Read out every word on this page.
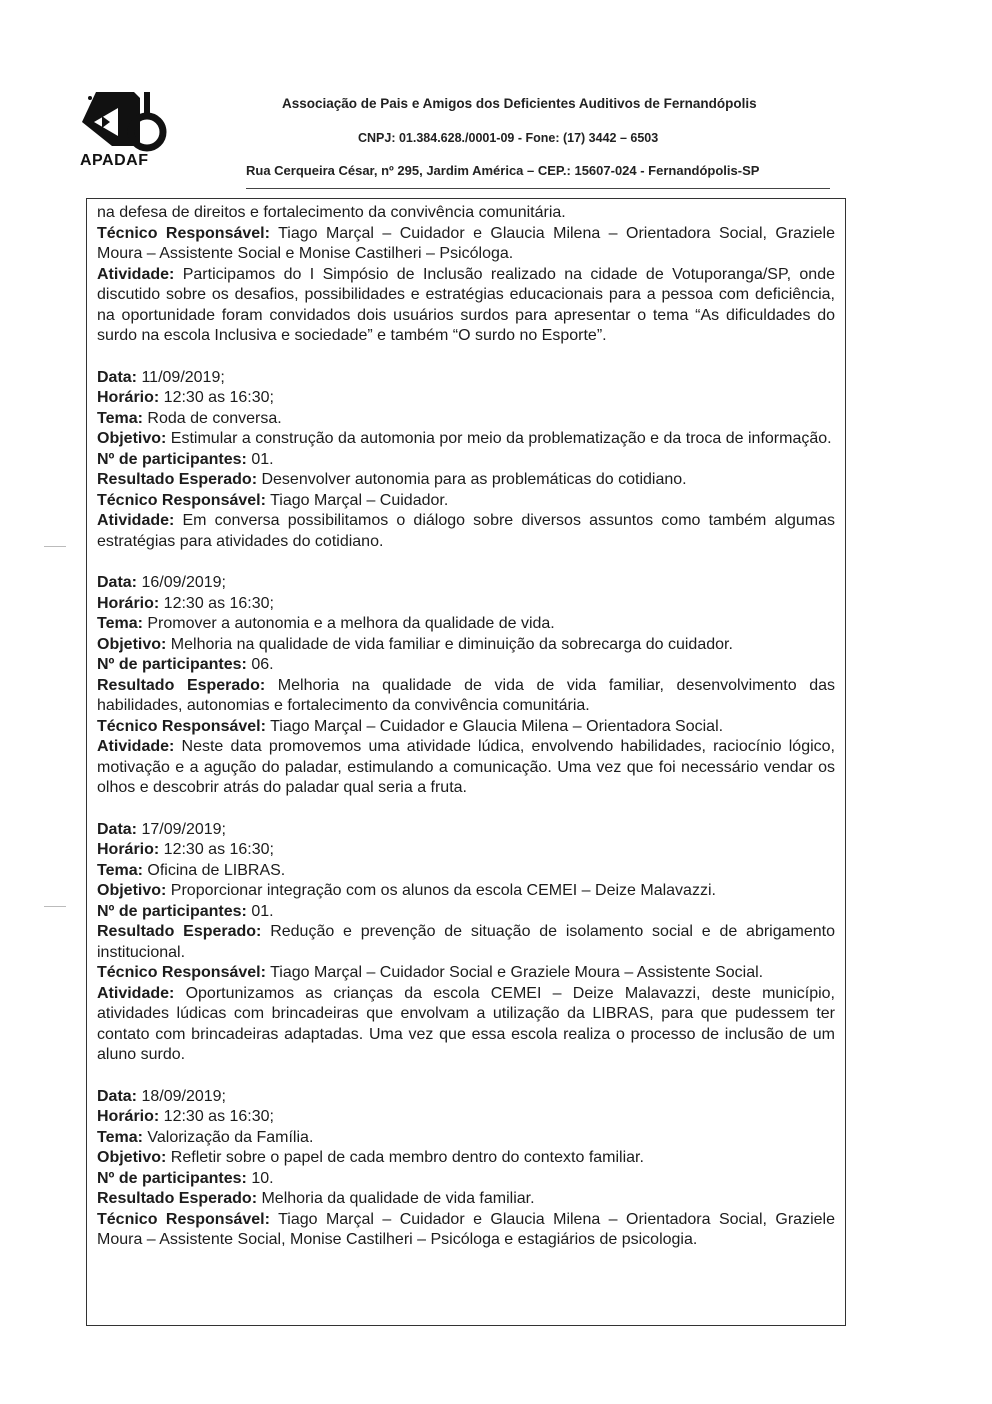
APADAF
Associação de Pais e Amigos dos Deficientes Auditivos de Fernandópolis
CNPJ: 01.384.628./0001-09 - Fone: (17) 3442 – 6503
Rua Cerqueira César, nº 295, Jardim América – CEP.: 15607-024 - Fernandópolis-SP

na defesa de direitos e fortalecimento da convivência comunitária.

Técnico Responsável: Tiago Marçal – Cuidador e Glaucia Milena – Orientadora Social, Graziele Moura – Assistente Social e Monise Castilheri – Psicóloga.

Atividade: Participamos do I Simpósio de Inclusão realizado na cidade de Votuporanga/SP, onde discutido sobre os desafios, possibilidades e estratégias educacionais para a pessoa com deficiência, na oportunidade foram convidados dois usuários surdos para apresentar o tema “As dificuldades do surdo na escola Inclusiva e sociedade” e também “O surdo no Esporte”.

Data: 11/09/2019;

Horário: 12:30 as 16:30;

Tema: Roda de conversa.

Objetivo: Estimular a construção da automonia por meio da problematização e da troca de informação.

Nº de participantes: 01.

Resultado Esperado: Desenvolver autonomia para as problemáticas do cotidiano.

Técnico Responsável: Tiago Marçal – Cuidador.

Atividade: Em conversa possibilitamos o diálogo sobre diversos assuntos como também algumas estratégias para atividades do cotidiano.

Data: 16/09/2019;

Horário: 12:30 as 16:30;

Tema: Promover a autonomia e a melhora da qualidade de vida.

Objetivo: Melhoria na qualidade de vida familiar e diminuição da sobrecarga do cuidador.

Nº de participantes: 06.

Resultado Esperado: Melhoria na qualidade de vida de vida familiar, desenvolvimento das habilidades, autonomias e fortalecimento da convivência comunitária.

Técnico Responsável: Tiago Marçal – Cuidador e Glaucia Milena – Orientadora Social.

Atividade: Neste data promovemos uma atividade lúdica, envolvendo habilidades, raciocínio lógico, motivação e a agução do paladar, estimulando a comunicação. Uma vez que foi necessário vendar os olhos e descobrir atrás do paladar qual seria a fruta.

Data: 17/09/2019;

Horário: 12:30 as 16:30;

Tema: Oficina de LIBRAS.

Objetivo: Proporcionar integração com os alunos da escola CEMEI – Deize Malavazzi.

Nº de participantes: 01.

Resultado Esperado: Redução e prevenção de situação de isolamento social e de abrigamento institucional.

Técnico Responsável: Tiago Marçal – Cuidador Social e Graziele Moura – Assistente Social.

Atividade: Oportunizamos as crianças da escola CEMEI – Deize Malavazzi, deste município, atividades lúdicas com brincadeiras que envolvam a utilização da LIBRAS, para que pudessem ter contato com brincadeiras adaptadas. Uma vez que essa escola realiza o processo de inclusão de um aluno surdo.

Data: 18/09/2019;

Horário: 12:30 as 16:30;

Tema: Valorização da Família.

Objetivo: Refletir sobre o papel de cada membro dentro do contexto familiar.

Nº de participantes: 10.

Resultado Esperado: Melhoria da qualidade de vida familiar.

Técnico Responsável: Tiago Marçal – Cuidador e Glaucia Milena – Orientadora Social, Graziele Moura – Assistente Social, Monise Castilheri – Psicóloga e estagiários de psicologia.
